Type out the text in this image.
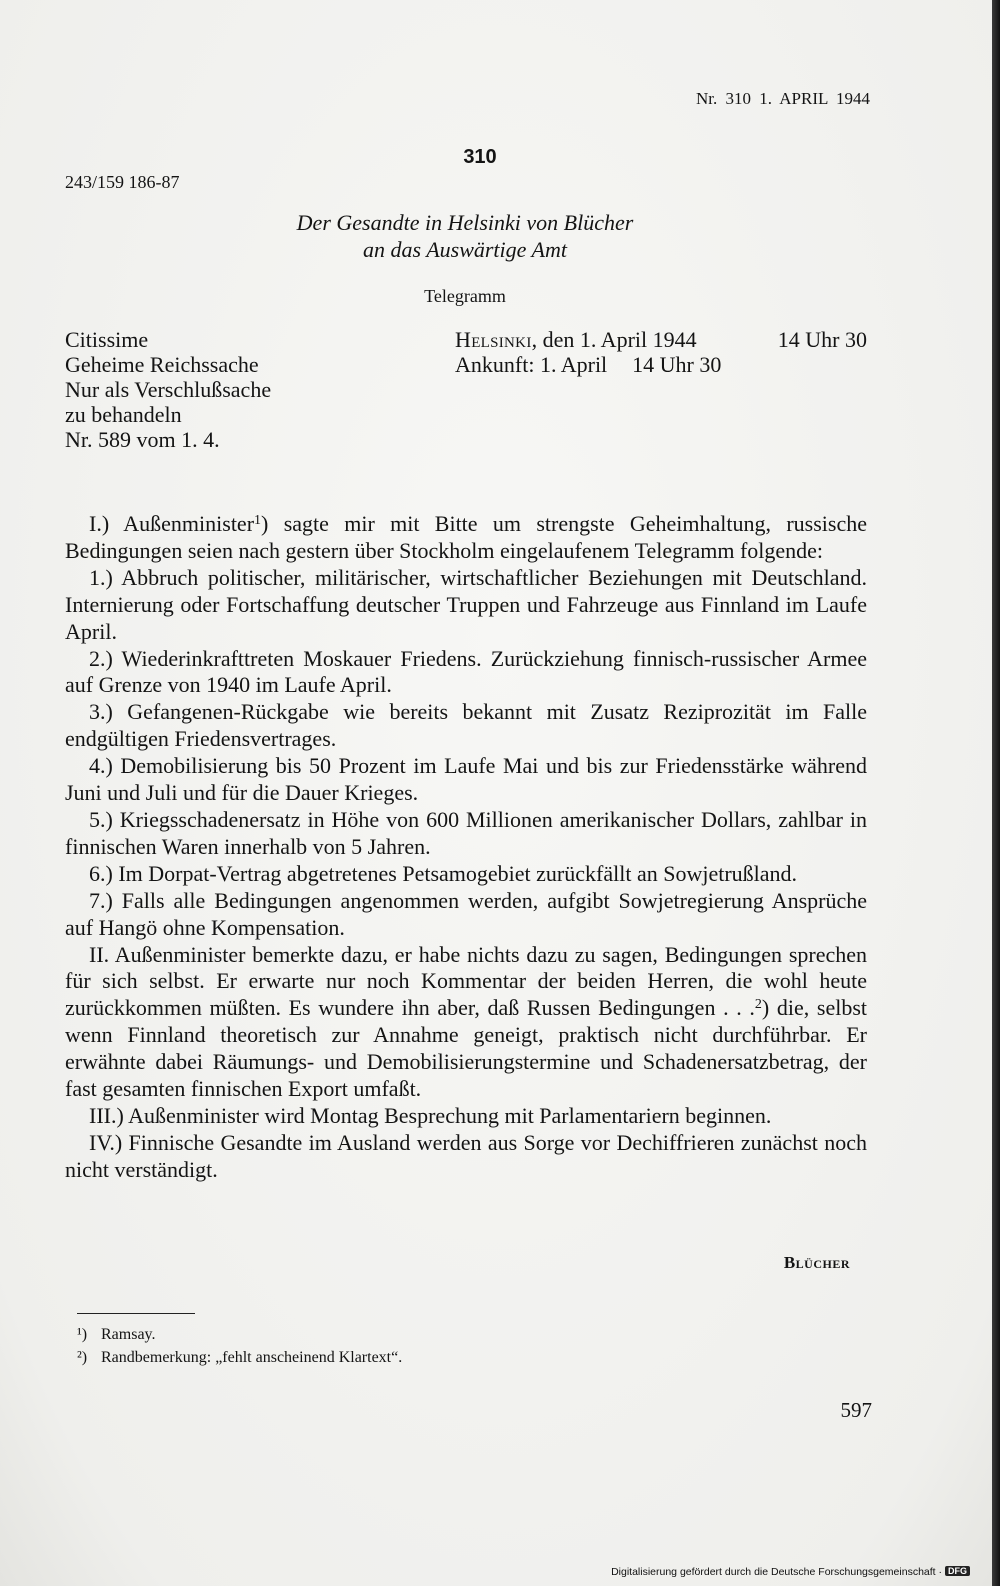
Nr. 310 1. APRIL 1944
310
243/159 186-87
Der Gesandte in Helsinki von Blücher
an das Auswärtige Amt
Telegramm
Citissime
Geheime Reichssache
Nur als Verschlußsache
zu behandeln
Nr. 589 vom 1. 4.
Helsinki, den 1. April 1944	14 Uhr 30
Ankunft: 1. April 14 Uhr 30

I.) Außenminister$^1$) sagte mir mit Bitte um strengste Geheimhaltung, russische Bedingungen seien nach gestern über Stockholm eingelaufenem Telegramm folgende:

1.) Abbruch politischer, militärischer, wirtschaftlicher Beziehungen mit Deutschland. Internierung oder Fortschaffung deutscher Truppen und Fahrzeuge aus Finnland im Laufe April.

2.) Wiederinkrafttreten Moskauer Friedens. Zurückziehung finnisch-russischer Armee auf Grenze von 1940 im Laufe April.

3.) Gefangenen-Rückgabe wie bereits bekannt mit Zusatz Reziprozität im Falle endgültigen Friedensvertrages.

4.) Demobilisierung bis 50 Prozent im Laufe Mai und bis zur Friedensstärke während Juni und Juli und für die Dauer Krieges.

5.) Kriegsschadenersatz in Höhe von 600 Millionen amerikanischer Dollars, zahlbar in finnischen Waren innerhalb von 5 Jahren.

6.) Im Dorpat-Vertrag abgetretenes Petsamogebiet zurückfällt an Sowjetrußland.

7.) Falls alle Bedingungen angenommen werden, aufgibt Sowjetregierung Ansprüche auf Hangö ohne Kompensation.

II. Außenminister bemerkte dazu, er habe nichts dazu zu sagen, Bedingungen sprechen für sich selbst. Er erwarte nur noch Kommentar der beiden Herren, die wohl heute zurückkommen müßten. Es wundere ihn aber, daß Russen Bedingungen . . .$^2$) die, selbst wenn Finnland theoretisch zur Annahme geneigt, praktisch nicht durchführbar. Er erwähnte dabei Räumungs- und Demobilisierungstermine und Schadenersatzbetrag, der fast gesamten finnischen Export umfaßt.

III.) Außenminister wird Montag Besprechung mit Parlamentariern beginnen.

IV.) Finnische Gesandte im Ausland werden aus Sorge vor Dechiffrieren zunächst noch nicht verständigt.

Blücher
¹) Ramsay.
²) Randbemerkung: „fehlt anscheinend Klartext“.
597
Digitalisierung gefördert durch die Deutsche Forschungsgemeinschaft · DFG
